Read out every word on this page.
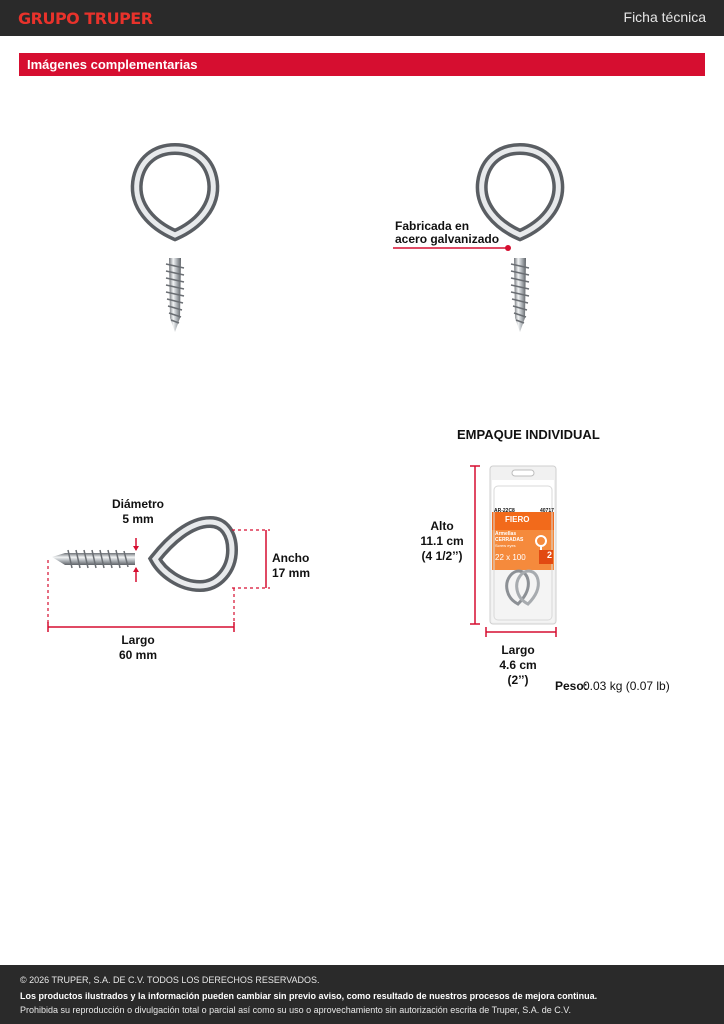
GRUPO TRUPER	Ficha técnica
Imágenes complementarias
Fabricada en
acero galvanizado
Diámetro
5 mm
Ancho
17 mm
Largo
60 mm
EMPAQUE INDIVIDUAL
AR-22C8	40717
FIERO
Armellas
CERRADAS
Screw eyes
22 x 100 2
Alto
11.1 cm
(4 1/2’’)
Largo
4.6 cm
(2’’)	Peso:
0.03 kg (0.07 lb)

© 2026 TRUPER, S.A. DE C.V. TODOS LOS DERECHOS RESERVADOS.

Los productos ilustrados y la información pueden cambiar sin previo aviso, como resultado de nuestros procesos de mejora continua.

Prohibida su reproducción o divulgación total o parcial así como su uso o aprovechamiento sin autorización escrita de Truper, S.A. de C.V.
